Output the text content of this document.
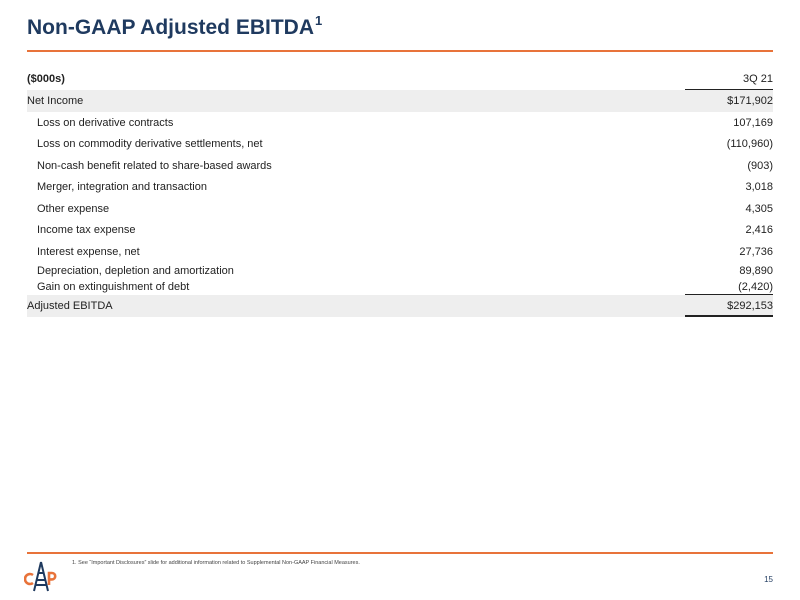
Non-GAAP Adjusted EBITDA$^1$
($000s)	3Q 21
Net Income	$171,902
Loss on derivative contracts	107,169
Loss on commodity derivative settlements, net	(110,960)
Non-cash benefit related to share-based awards	(903)
Merger, integration and transaction	3,018
Other expense	4,305
Income tax expense	2,416
Interest expense, net	27,736
Depreciation, depletion and amortization	89,890
Gain on extinguishment of debt	(2,420)
Adjusted EBITDA	$292,153
CAP	1. See “Important Disclosures” slide for additional information related to Supplemental Non-GAAP Financial Measures.
15
